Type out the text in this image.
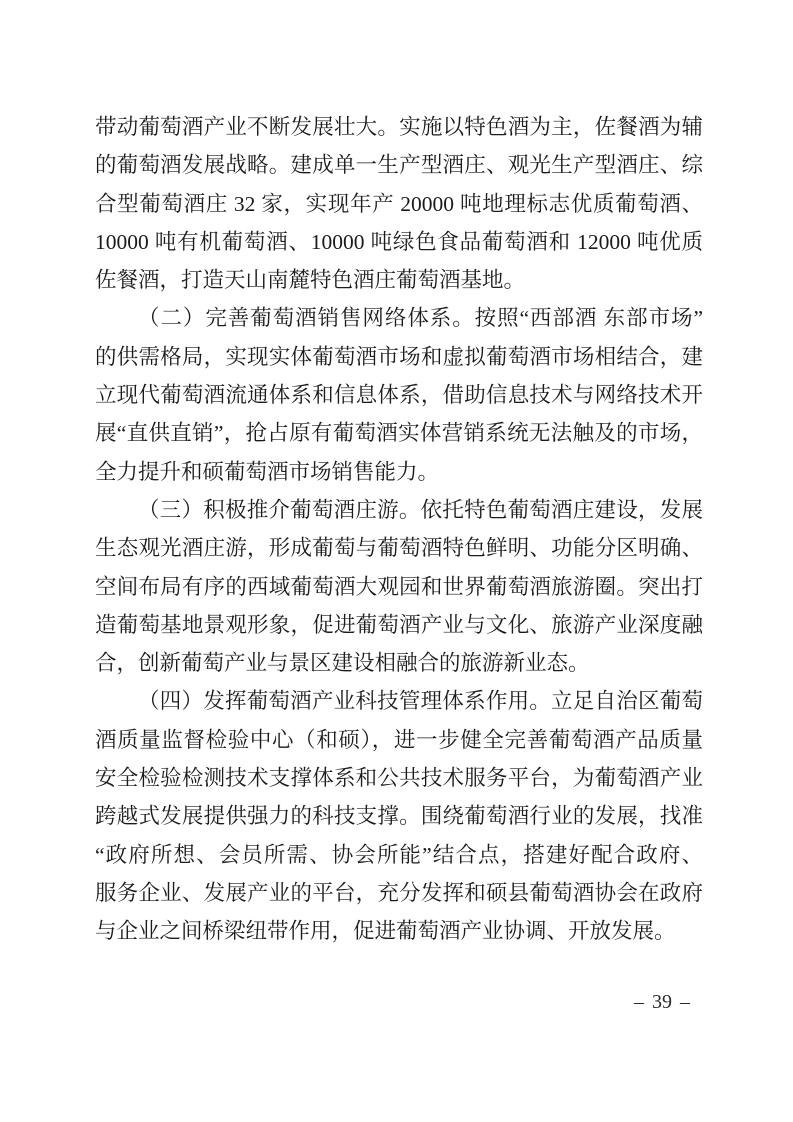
带动葡萄酒产业不断发展壮大。实施以特色酒为主，佐餐酒为辅
的葡萄酒发展战略。建成单一生产型酒庄、观光生产型酒庄、综
合型葡萄酒庄 32 家，实现年产 20000 吨地理标志优质葡萄酒、
10000 吨有机葡萄酒、10000 吨绿色食品葡萄酒和 12000 吨优质
佐餐酒，打造天山南麓特色酒庄葡萄酒基地。
（二）完善葡萄酒销售网络体系。按照“西部酒 东部市场”
的供需格局，实现实体葡萄酒市场和虚拟葡萄酒市场相结合，建
立现代葡萄酒流通体系和信息体系，借助信息技术与网络技术开
展“直供直销”，抢占原有葡萄酒实体营销系统无法触及的市场，
全力提升和硕葡萄酒市场销售能力。
（三）积极推介葡萄酒庄游。依托特色葡萄酒庄建设，发展
生态观光酒庄游，形成葡萄与葡萄酒特色鲜明、功能分区明确、
空间布局有序的西域葡萄酒大观园和世界葡萄酒旅游圈。突出打
造葡萄基地景观形象，促进葡萄酒产业与文化、旅游产业深度融
合，创新葡萄产业与景区建设相融合的旅游新业态。
（四）发挥葡萄酒产业科技管理体系作用。立足自治区葡萄
酒质量监督检验中心（和硕），进一步健全完善葡萄酒产品质量
安全检验检测技术支撑体系和公共技术服务平台，为葡萄酒产业
跨越式发展提供强力的科技支撑。围绕葡萄酒行业的发展，找准
“政府所想、会员所需、协会所能”结合点，搭建好配合政府、
服务企业、发展产业的平台，充分发挥和硕县葡萄酒协会在政府
与企业之间桥梁纽带作用，促进葡萄酒产业协调、开放发展。
– 39 –
